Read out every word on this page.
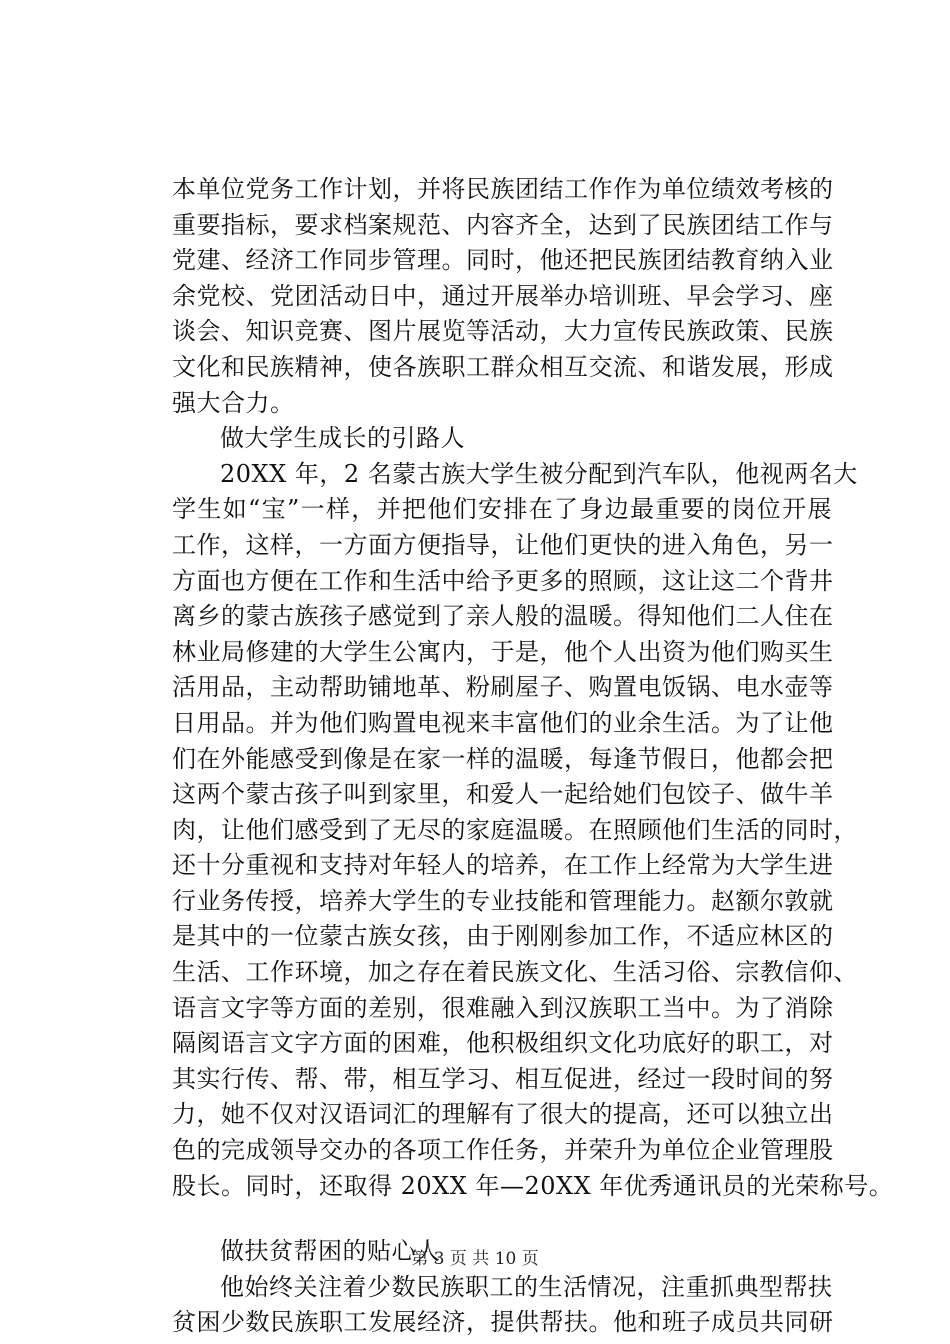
本单位党务工作计划，并将民族团结工作作为单位绩效考核的
重要指标，要求档案规范、内容齐全，达到了民族团结工作与
党建、经济工作同步管理。同时，他还把民族团结教育纳入业
余党校、党团活动日中，通过开展举办培训班、早会学习、座
谈会、知识竞赛、图片展览等活动，大力宣传民族政策、民族
文化和民族精神，使各族职工群众相互交流、和谐发展，形成
强大合力。
做大学生成长的引路人
20XX 年，2 名蒙古族大学生被分配到汽车队，他视两名大
学生如“宝”一样，并把他们安排在了身边最重要的岗位开展
工作，这样，一方面方便指导，让他们更快的进入角色，另一
方面也方便在工作和生活中给予更多的照顾，这让这二个背井
离乡的蒙古族孩子感觉到了亲人般的温暖。得知他们二人住在
林业局修建的大学生公寓内，于是，他个人出资为他们购买生
活用品，主动帮助铺地革、粉刷屋子、购置电饭锅、电水壶等
日用品。并为他们购置电视来丰富他们的业余生活。为了让他
们在外能感受到像是在家一样的温暖，每逢节假日，他都会把
这两个蒙古孩子叫到家里，和爱人一起给她们包饺子、做牛羊
肉，让他们感受到了无尽的家庭温暖。在照顾他们生活的同时，
还十分重视和支持对年轻人的培养，在工作上经常为大学生进
行业务传授，培养大学生的专业技能和管理能力。赵额尔敦就
是其中的一位蒙古族女孩，由于刚刚参加工作，不适应林区的
生活、工作环境，加之存在着民族文化、生活习俗、宗教信仰、
语言文字等方面的差别，很难融入到汉族职工当中。为了消除
隔阂语言文字方面的困难，他积极组织文化功底好的职工，对
其实行传、帮、带，相互学习、相互促进，经过一段时间的努
力，她不仅对汉语词汇的理解有了很大的提高，还可以独立出
色的完成领导交办的各项工作任务，并荣升为单位企业管理股
股长。同时，还取得 20XX 年—20XX 年优秀通讯员的光荣称号。
做扶贫帮困的贴心人
他始终关注着少数民族职工的生活情况，注重抓典型帮扶
贫困少数民族职工发展经济，提供帮扶。他和班子成员共同研
第 3 页 共 10 页
